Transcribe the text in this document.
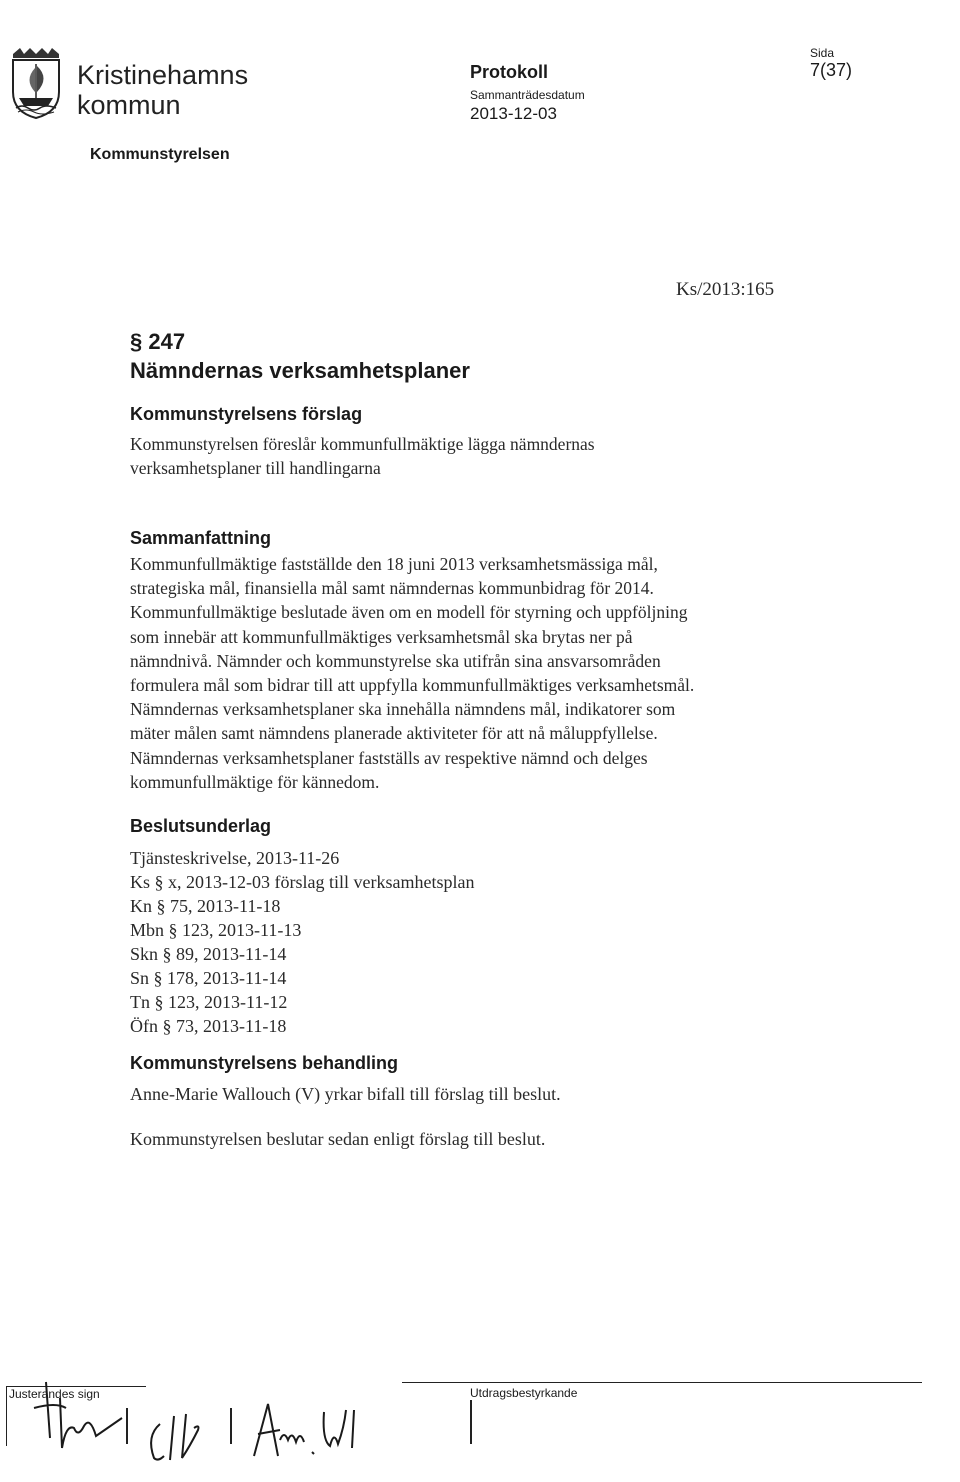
Kristinehamns
kommun
Protokoll
Sammanträdesdatum
2013-12-03
Sida
7(37)
Kommunstyrelsen
Ks/2013:165
§ 247
Nämndernas verksamhetsplaner
Kommunstyrelsens förslag
Kommunstyrelsen föreslår kommunfullmäktige lägga nämndernas
verksamhetsplaner till handlingarna
Sammanfattning
Kommunfullmäktige fastställde den 18 juni 2013 verksamhetsmässiga mål,
strategiska mål, finansiella mål samt nämndernas kommunbidrag för 2014.
Kommunfullmäktige beslutade även om en modell för styrning och uppföljning
som innebär att kommunfullmäktiges verksamhetsmål ska brytas ner på
nämndnivå. Nämnder och kommunstyrelse ska utifrån sina ansvarsområden
formulera mål som bidrar till att uppfylla kommunfullmäktiges verksamhetsmål.
Nämndernas verksamhetsplaner ska innehålla nämndens mål, indikatorer som
mäter målen samt nämndens planerade aktiviteter för att nå måluppfyllelse.
Nämndernas verksamhetsplaner fastställs av respektive nämnd och delges
kommunfullmäktige för kännedom.
Beslutsunderlag
Tjänsteskrivelse, 2013-11-26
Ks § x, 2013-12-03 förslag till verksamhetsplan
Kn § 75, 2013-11-18
Mbn § 123, 2013-11-13
Skn § 89, 2013-11-14
Sn § 178, 2013-11-14
Tn § 123, 2013-11-12
Öfn § 73, 2013-11-18
Kommunstyrelsens behandling
Anne-Marie Wallouch (V) yrkar bifall till förslag till beslut.
Kommunstyrelsen beslutar sedan enligt förslag till beslut.
Justerandes sign	Utdragsbestyrkande
